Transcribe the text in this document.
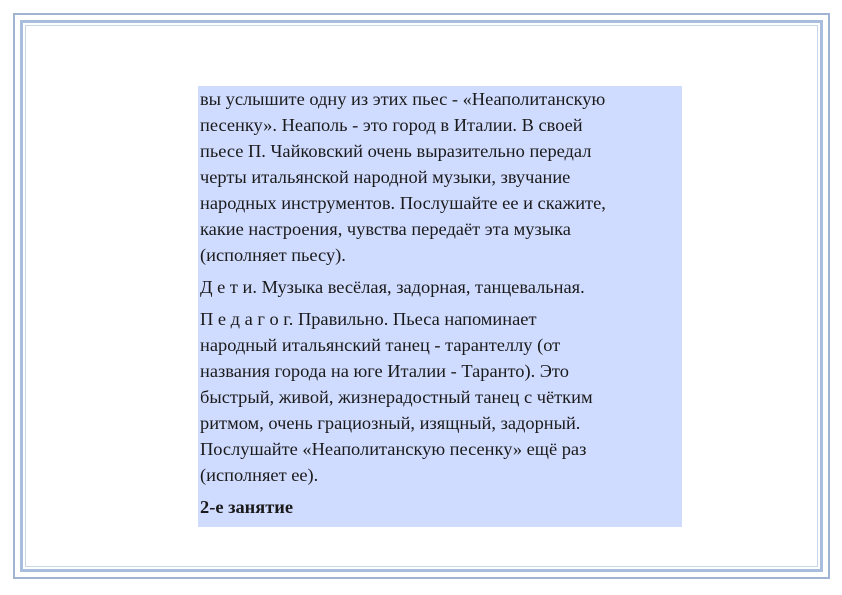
вы услышите одну из этих пьес - «Неаполитанскую
песенку». Неаполь - это город в Италии. В своей
пьесе П. Чайковский очень выразительно передал
черты итальянской народной музыки, звучание
народных инструментов. Послушайте ее и скажите,
какие настроения, чувства передаёт эта музыка
(исполняет пьесу).

Д е т и. Музыка весёлая, задорная, танцевальная.

П е д а г о г. Правильно. Пьеса напоминает
народный итальянский танец - тарантеллу (от
названия города на юге Италии - Таранто). Это
быстрый, живой, жизнерадостный танец с чётким
ритмом, очень грациозный, изящный, задорный.
Послушайте «Неаполитанскую песенку» ещё раз
(исполняет ее).

2-е занятие
